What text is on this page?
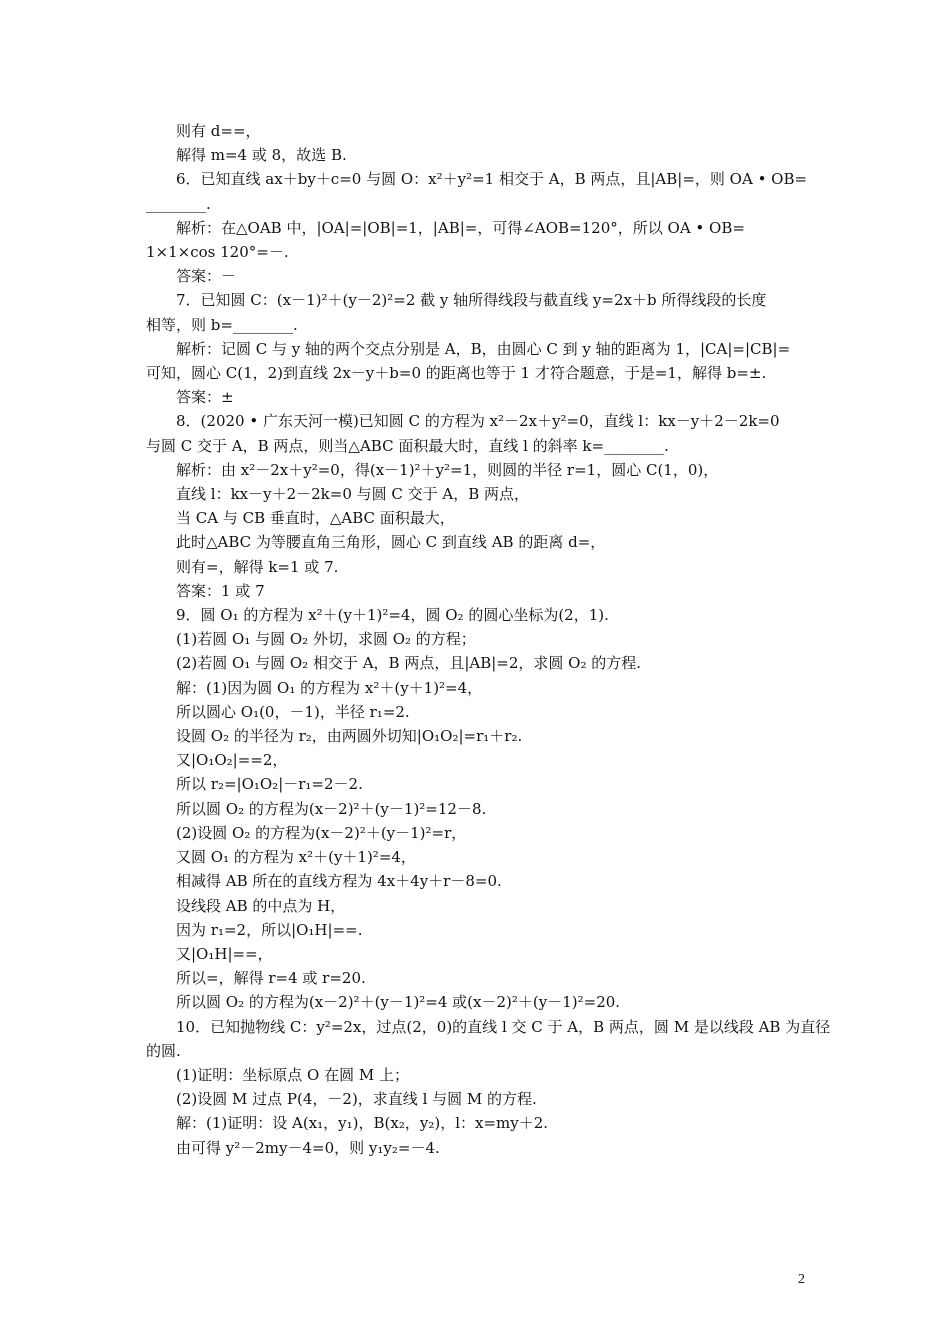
则有 d==，
解得 m=4 或 8，故选 B.
6．已知直线 ax＋by＋c=0 与圆 O：x²＋y²=1 相交于 A，B 两点，且|AB|=，则 OA • OB=
________.
解析：在△OAB 中，|OA|=|OB|=1，|AB|=，可得∠AOB=120°，所以 OA • OB=
1×1×cos 120°=－.
答案：－
7．已知圆 C：(x－1)²＋(y－2)²=2 截 y 轴所得线段与截直线 y=2x＋b 所得线段的长度
相等，则 b=________.
解析：记圆 C 与 y 轴的两个交点分别是 A，B，由圆心 C 到 y 轴的距离为 1，|CA|=|CB|=
可知，圆心 C(1，2)到直线 2x－y＋b=0 的距离也等于 1 才符合题意，于是=1，解得 b=±.
答案：±
8．(2020 • 广东天河一模)已知圆 C 的方程为 x²－2x＋y²=0，直线 l：kx－y＋2－2k=0
与圆 C 交于 A，B 两点，则当△ABC 面积最大时，直线 l 的斜率 k=________.
解析：由 x²－2x＋y²=0，得(x－1)²＋y²=1，则圆的半径 r=1，圆心 C(1，0)，
直线 l：kx－y＋2－2k=0 与圆 C 交于 A，B 两点，
当 CA 与 CB 垂直时，△ABC 面积最大，
此时△ABC 为等腰直角三角形，圆心 C 到直线 AB 的距离 d=，
则有=，解得 k=1 或 7.
答案：1 或 7
9．圆 O₁ 的方程为 x²＋(y＋1)²=4，圆 O₂ 的圆心坐标为(2，1).
(1)若圆 O₁ 与圆 O₂ 外切，求圆 O₂ 的方程；
(2)若圆 O₁ 与圆 O₂ 相交于 A，B 两点，且|AB|=2，求圆 O₂ 的方程.
解：(1)因为圆 O₁ 的方程为 x²＋(y＋1)²=4，
所以圆心 O₁(0，－1)，半径 r₁=2.
设圆 O₂ 的半径为 r₂，由两圆外切知|O₁O₂|=r₁＋r₂.
又|O₁O₂|==2，
所以 r₂=|O₁O₂|－r₁=2－2.
所以圆 O₂ 的方程为(x－2)²＋(y－1)²=12－8.
(2)设圆 O₂ 的方程为(x－2)²＋(y－1)²=r，
又圆 O₁ 的方程为 x²＋(y＋1)²=4，
相减得 AB 所在的直线方程为 4x＋4y＋r－8=0.
设线段 AB 的中点为 H，
因为 r₁=2，所以|O₁H|==.
又|O₁H|==，
所以=，解得 r=4 或 r=20.
所以圆 O₂ 的方程为(x－2)²＋(y－1)²=4 或(x－2)²＋(y－1)²=20.
10．已知抛物线 C：y²=2x，过点(2，0)的直线 l 交 C 于 A，B 两点，圆 M 是以线段 AB 为直径
的圆.
(1)证明：坐标原点 O 在圆 M 上；
(2)设圆 M 过点 P(4，－2)，求直线 l 与圆 M 的方程.
解：(1)证明：设 A(x₁，y₁)，B(x₂，y₂)，l：x=my＋2.
由可得 y²－2my－4=0，则 y₁y₂=－4.
2
